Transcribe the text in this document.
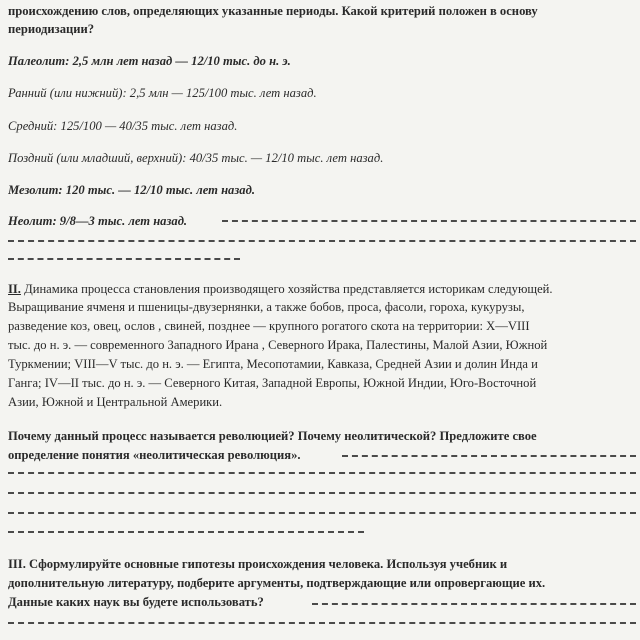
происхождению слов, определяющих указанные периоды. Какой критерий положен в основу
периодизации?
Палеолит: 2,5 млн лет назад — 12/10 тыс. до н. э.
Ранний (или нижний): 2,5 млн — 125/100 тыс. лет назад.
Средний: 125/100 — 40/35 тыс. лет назад.
Поздний (или младший, верхний): 40/35 тыс. — 12/10 тыс. лет назад.
Мезолит: 120 тыс. — 12/10 тыс. лет назад.
Неолит: 9/8—3 тыс. лет назад.
II. Динамика процесса становления производящего хозяйства представляется историкам следующей.
Выращивание ячменя и пшеницы-двузернянки, а также бобов, проса, фасоли, гороха, кукурузы,
разведение коз, овец, ослов , свиней, позднее — крупного рогатого скота на территории: Х—VIII
тыс. до н. э. — современного Западного Ирана , Северного Ирака, Палестины, Малой Азии, Южной
Туркмении; VIII—V тыс. до н. э. — Египта, Месопотамии, Кавказа, Средней Азии и долин Инда и
Ганга; IV—II тыс. до н. э. — Северного Китая, Западной Европы, Южной Индии, Юго-Восточной
Азии, Южной и Центральной Америки.
Почему данный процесс называется революцией? Почему неолитической? Предложите свое
определение понятия «неолитическая революция».
III. Сформулируйте основные гипотезы происхождения человека. Используя учебник и
дополнительную литературу, подберите аргументы, подтверждающие или опровергающие их.
Данные каких наук вы будете использовать?
